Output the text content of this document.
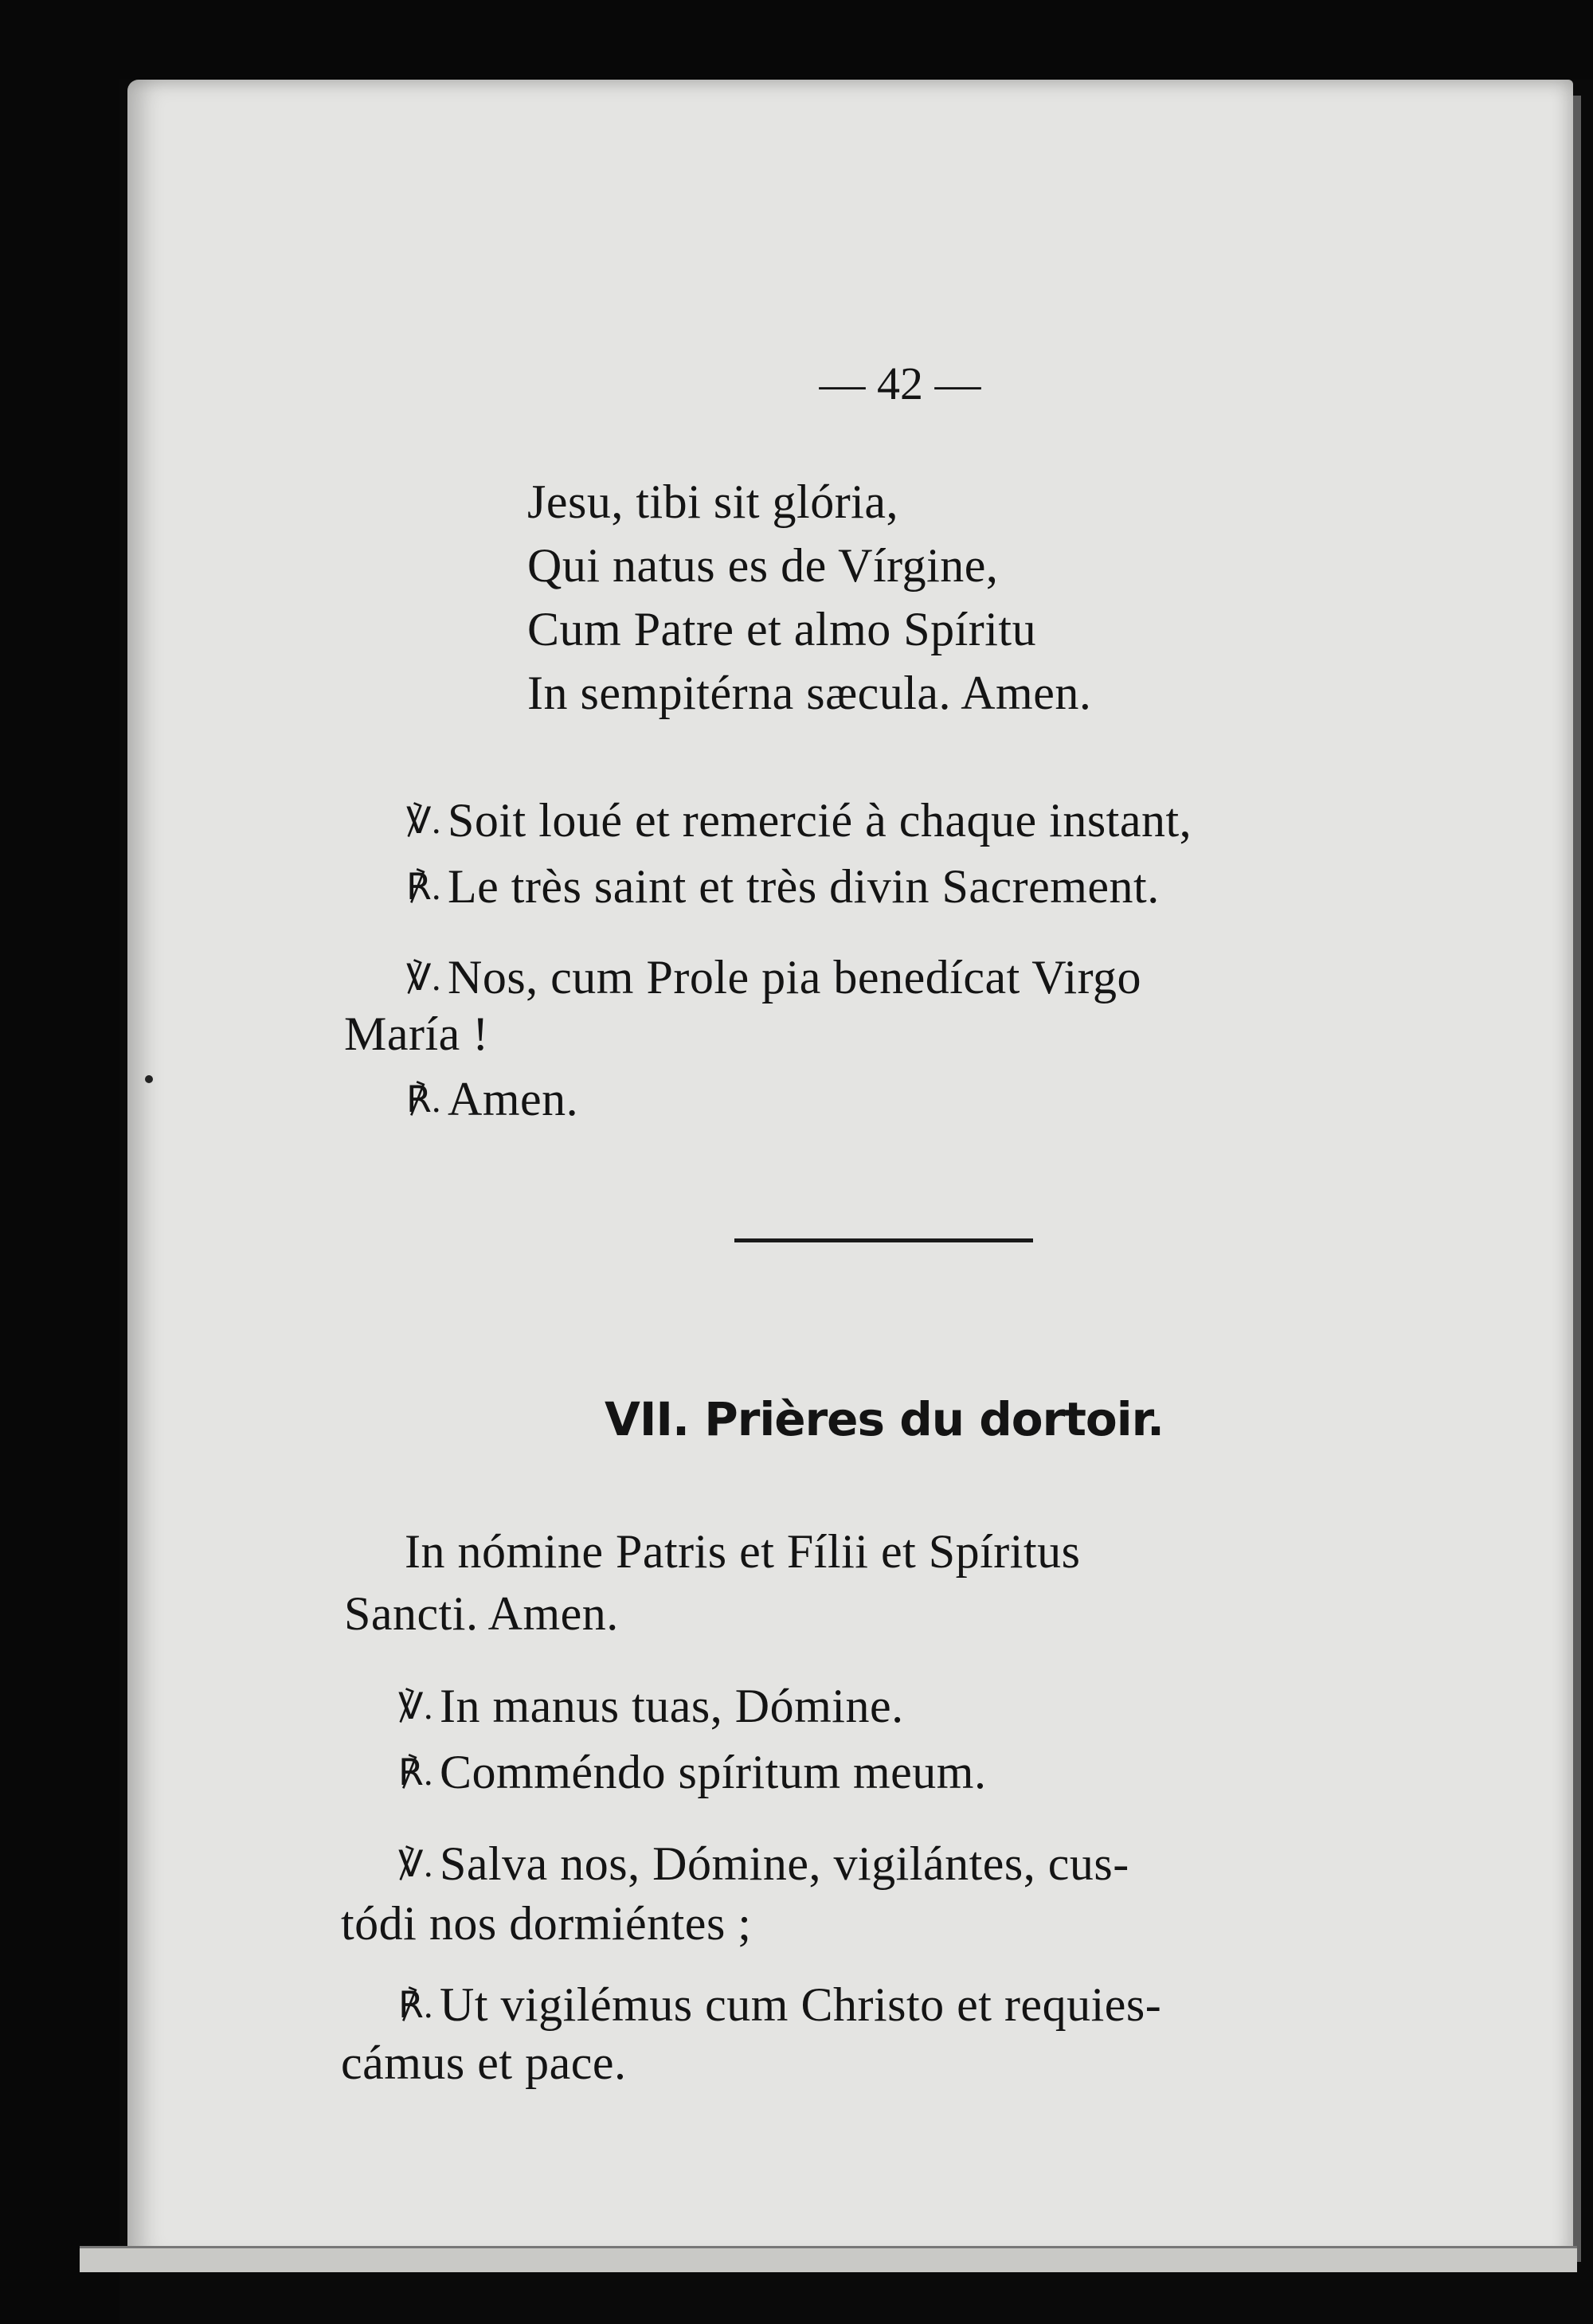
— 42 —
Jesu, tibi sit glória,
Qui natus es de Vírgine,
Cum Patre et almo Spíritu
In sempitérna sæcula. Amen.
℣. Soit loué et remercié à chaque instant,
℟. Le très saint et très divin Sacrement.
℣. Nos, cum Prole pia benedícat Virgo
María !
℟. Amen.
VII. Prières du dortoir.
In nómine Patris et Fílii et Spíritus
Sancti. Amen.
℣. In manus tuas, Dómine.
℟. Comméndo spíritum meum.
℣. Salva nos, Dómine, vigilántes, cus-
tódi nos dormiéntes ;
℟. Ut vigilémus cum Christo et requies-
cámus et pace.
